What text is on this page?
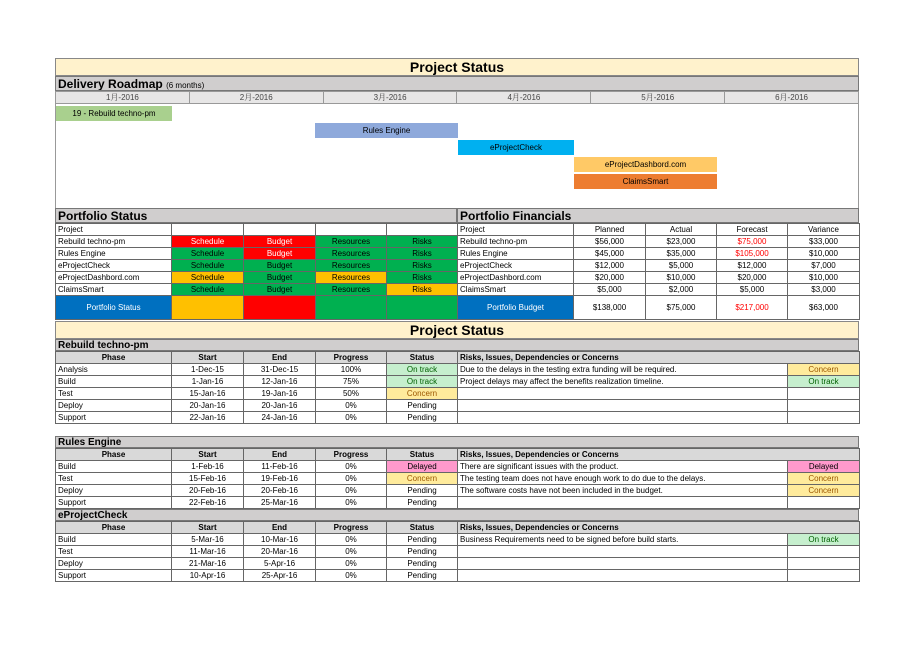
Project Status
Delivery Roadmap (6 months)
1月-2016	2月-2016	3月-2016	4月-2016	5月-2016	6月-2016
19 - Rebuild techno-pm
Rules Engine
eProjectCheck
eProjectDashbord.com
ClaimsSmart
Portfolio Status
Project				
Rebuild techno-pm	Schedule	Budget	Resources	Risks
Rules Engine	Schedule	Budget	Resources	Risks
eProjectCheck	Schedule	Budget	Resources	Risks
eProjectDashbord.com	Schedule	Budget	Resources	Risks
ClaimsSmart	Schedule	Budget	Resources	Risks
Portfolio Status				
Portfolio Financials
Project	Planned	Actual	Forecast	Variance
Rebuild techno-pm	$56,000	$23,000	$75,000	$33,000
Rules Engine	$45,000	$35,000	$105,000	$10,000
eProjectCheck	$12,000	$5,000	$12,000	$7,000
eProjectDashbord.com	$20,000	$10,000	$20,000	$10,000
ClaimsSmart	$5,000	$2,000	$5,000	$3,000
Portfolio Budget	$138,000	$75,000	$217,000	$63,000
Project Status
Rebuild techno-pm
Phase	Start	End	Progress	Status	Risks, Issues, Dependencies or Concerns	
Analysis	1-Dec-15	31-Dec-15	100%	On track	Due to the delays in the testing extra funding will be required.	Concern
Build	1-Jan-16	12-Jan-16	75%	On track	Project delays may affect the benefits realization timeline.	On track
Test	15-Jan-16	19-Jan-16	50%	Concern		
Deploy	20-Jan-16	20-Jan-16	0%	Pending		
Support	22-Jan-16	24-Jan-16	0%	Pending		
Rules Engine
Phase	Start	End	Progress	Status	Risks, Issues, Dependencies or Concerns	
Build	1-Feb-16	11-Feb-16	0%	Delayed	There are significant issues with the product.	Delayed
Test	15-Feb-16	19-Feb-16	0%	Concern	The testing team does not have enough work to do due to the delays.	Concern
Deploy	20-Feb-16	20-Feb-16	0%	Pending	The software costs have not been included in the budget.	Concern
Support	22-Feb-16	25-Mar-16	0%	Pending		
eProjectCheck
Phase	Start	End	Progress	Status	Risks, Issues, Dependencies or Concerns	
Build	5-Mar-16	10-Mar-16	0%	Pending	Business Requirements need to be signed before build starts.	On track
Test	11-Mar-16	20-Mar-16	0%	Pending		
Deploy	21-Mar-16	5-Apr-16	0%	Pending		
Support	10-Apr-16	25-Apr-16	0%	Pending		
